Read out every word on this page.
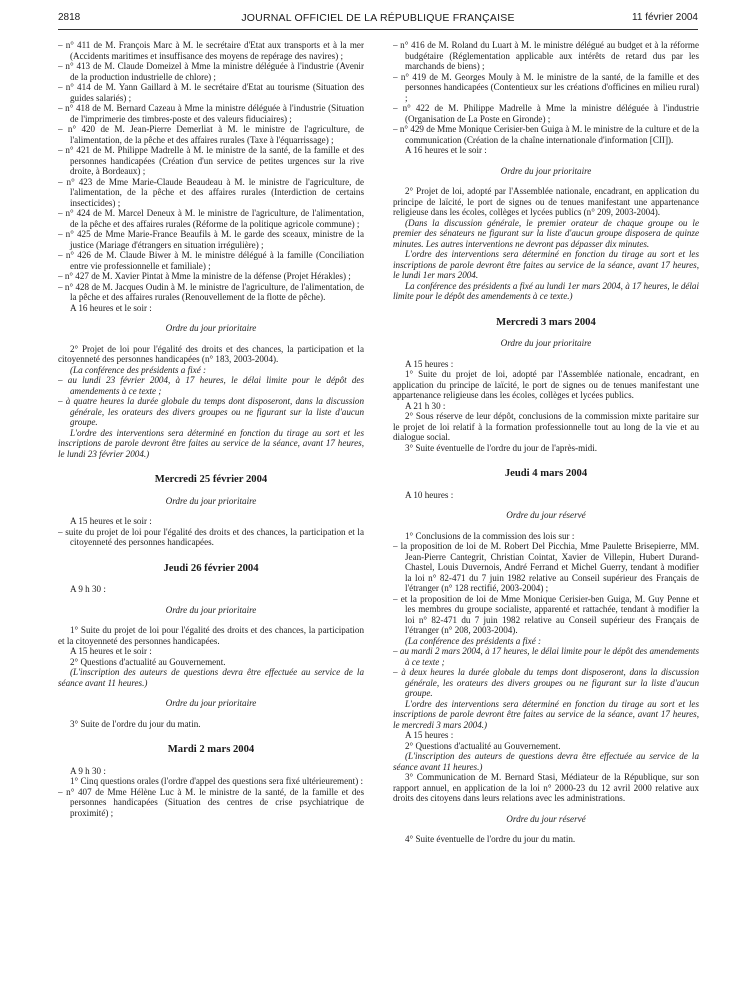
2818	JOURNAL OFFICIEL DE LA RÉPUBLIQUE FRANÇAISE	11 février 2004

– n° 411 de M. François Marc à M. le secrétaire d'Etat aux transports et à la mer (Accidents maritimes et insuffisance des moyens de repérage des navires) ;

– n° 413 de M. Claude Domeizel à Mme la ministre déléguée à l'industrie (Avenir de la production industrielle de chlore) ;

– n° 414 de M. Yann Gaillard à M. le secrétaire d'Etat au tourisme (Situation des guides salariés) ;

– n° 418 de M. Bernard Cazeau à Mme la ministre déléguée à l'industrie (Situation de l'imprimerie des timbres-poste et des valeurs fiduciaires) ;

– n° 420 de M. Jean-Pierre Demerliat à M. le ministre de l'agriculture, de l'alimentation, de la pêche et des affaires rurales (Taxe à l'équarrissage) ;

– n° 421 de M. Philippe Madrelle à M. le ministre de la santé, de la famille et des personnes handicapées (Création d'un service de petites urgences sur la rive droite, à Bordeaux) ;

– n° 423 de Mme Marie-Claude Beaudeau à M. le ministre de l'agriculture, de l'alimentation, de la pêche et des affaires rurales (Interdiction de certains insecticides) ;

– n° 424 de M. Marcel Deneux à M. le ministre de l'agriculture, de l'alimentation, de la pêche et des affaires rurales (Réforme de la politique agricole commune) ;

– n° 425 de Mme Marie-France Beaufils à M. le garde des sceaux, ministre de la justice (Mariage d'étrangers en situation irrégulière) ;

– n° 426 de M. Claude Biwer à M. le ministre délégué à la famille (Conciliation entre vie professionnelle et familiale) ;

– n° 427 de M. Xavier Pintat à Mme la ministre de la défense (Projet Hérakles) ;

– n° 428 de M. Jacques Oudin à M. le ministre de l'agriculture, de l'alimentation, de la pêche et des affaires rurales (Renouvellement de la flotte de pêche).

A 16 heures et le soir :

Ordre du jour prioritaire

2° Projet de loi pour l'égalité des droits et des chances, la participation et la citoyenneté des personnes handicapées (n° 183, 2003-2004).

(La conférence des présidents a fixé :

– au lundi 23 février 2004, à 17 heures, le délai limite pour le dépôt des amendements à ce texte ;

– à quatre heures la durée globale du temps dont disposeront, dans la discussion générale, les orateurs des divers groupes ou ne figurant sur la liste d'aucun groupe.

L'ordre des interventions sera déterminé en fonction du tirage au sort et les inscriptions de parole devront être faites au service de la séance, avant 17 heures, le lundi 23 février 2004.)

Mercredi 25 février 2004

Ordre du jour prioritaire

A 15 heures et le soir :

– suite du projet de loi pour l'égalité des droits et des chances, la participation et la citoyenneté des personnes handicapées.

Jeudi 26 février 2004

A 9 h 30 :

Ordre du jour prioritaire

1° Suite du projet de loi pour l'égalité des droits et des chances, la participation et la citoyenneté des personnes handicapées.

A 15 heures et le soir :

2° Questions d'actualité au Gouvernement.

(L'inscription des auteurs de questions devra être effectuée au service de la séance avant 11 heures.)

Ordre du jour prioritaire

3° Suite de l'ordre du jour du matin.

Mardi 2 mars 2004

A 9 h 30 :

1° Cinq questions orales (l'ordre d'appel des questions sera fixé ultérieurement) :

– n° 407 de Mme Hélène Luc à M. le ministre de la santé, de la famille et des personnes handicapées (Situation des centres de crise psychiatrique de proximité) ;

– n° 416 de M. Roland du Luart à M. le ministre délégué au budget et à la réforme budgétaire (Réglementation applicable aux intérêts de retard dus par les marchands de biens) ;

– n° 419 de M. Georges Mouly à M. le ministre de la santé, de la famille et des personnes handicapées (Contentieux sur les créations d'officines en milieu rural) ;

– n° 422 de M. Philippe Madrelle à Mme la ministre déléguée à l'industrie (Organisation de La Poste en Gironde) ;

– n° 429 de Mme Monique Cerisier-ben Guiga à M. le ministre de la culture et de la communication (Création de la chaîne internationale d'information [CII]).

A 16 heures et le soir :

Ordre du jour prioritaire

2° Projet de loi, adopté par l'Assemblée nationale, encadrant, en application du principe de laïcité, le port de signes ou de tenues manifestant une appartenance religieuse dans les écoles, collèges et lycées publics (n° 209, 2003-2004).

(Dans la discussion générale, le premier orateur de chaque groupe ou le premier des sénateurs ne figurant sur la liste d'aucun groupe disposera de quinze minutes. Les autres interventions ne devront pas dépasser dix minutes.

L'ordre des interventions sera déterminé en fonction du tirage au sort et les inscriptions de parole devront être faites au service de la séance, avant 17 heures, le lundi 1er mars 2004.

La conférence des présidents a fixé au lundi 1er mars 2004, à 17 heures, le délai limite pour le dépôt des amendements à ce texte.)

Mercredi 3 mars 2004

Ordre du jour prioritaire

A 15 heures :

1° Suite du projet de loi, adopté par l'Assemblée nationale, encadrant, en application du principe de laïcité, le port de signes ou de tenues manifestant une appartenance religieuse dans les écoles, collèges et lycées publics.

A 21 h 30 :

2° Sous réserve de leur dépôt, conclusions de la commission mixte paritaire sur le projet de loi relatif à la formation professionnelle tout au long de la vie et au dialogue social.

3° Suite éventuelle de l'ordre du jour de l'après-midi.

Jeudi 4 mars 2004

A 10 heures :

Ordre du jour réservé

1° Conclusions de la commission des lois sur :

– la proposition de loi de M. Robert Del Picchia, Mme Paulette Brisepierre, MM. Jean-Pierre Cantegrit, Christian Cointat, Xavier de Villepin, Hubert Durand-Chastel, Louis Duvernois, André Ferrand et Michel Guerry, tendant à modifier la loi n° 82-471 du 7 juin 1982 relative au Conseil supérieur des Français de l'étranger (n° 128 rectifié, 2003-2004) ;

– et la proposition de loi de Mme Monique Cerisier-ben Guiga, M. Guy Penne et les membres du groupe socialiste, apparenté et rattachée, tendant à modifier la loi n° 82-471 du 7 juin 1982 relative au Conseil supérieur des Français de l'étranger (n° 208, 2003-2004).

(La conférence des présidents a fixé :

– au mardi 2 mars 2004, à 17 heures, le délai limite pour le dépôt des amendements à ce texte ;

– à deux heures la durée globale du temps dont disposeront, dans la discussion générale, les orateurs des divers groupes ou ne figurant sur la liste d'aucun groupe.

L'ordre des interventions sera déterminé en fonction du tirage au sort et les inscriptions de parole devront être faites au service de la séance, avant 17 heures, le mercredi 3 mars 2004.)

A 15 heures :

2° Questions d'actualité au Gouvernement.

(L'inscription des auteurs de questions devra être effectuée au service de la séance avant 11 heures.)

3° Communication de M. Bernard Stasi, Médiateur de la République, sur son rapport annuel, en application de la loi n° 2000-23 du 12 avril 2000 relative aux droits des citoyens dans leurs relations avec les administrations.

Ordre du jour réservé

4° Suite éventuelle de l'ordre du jour du matin.
